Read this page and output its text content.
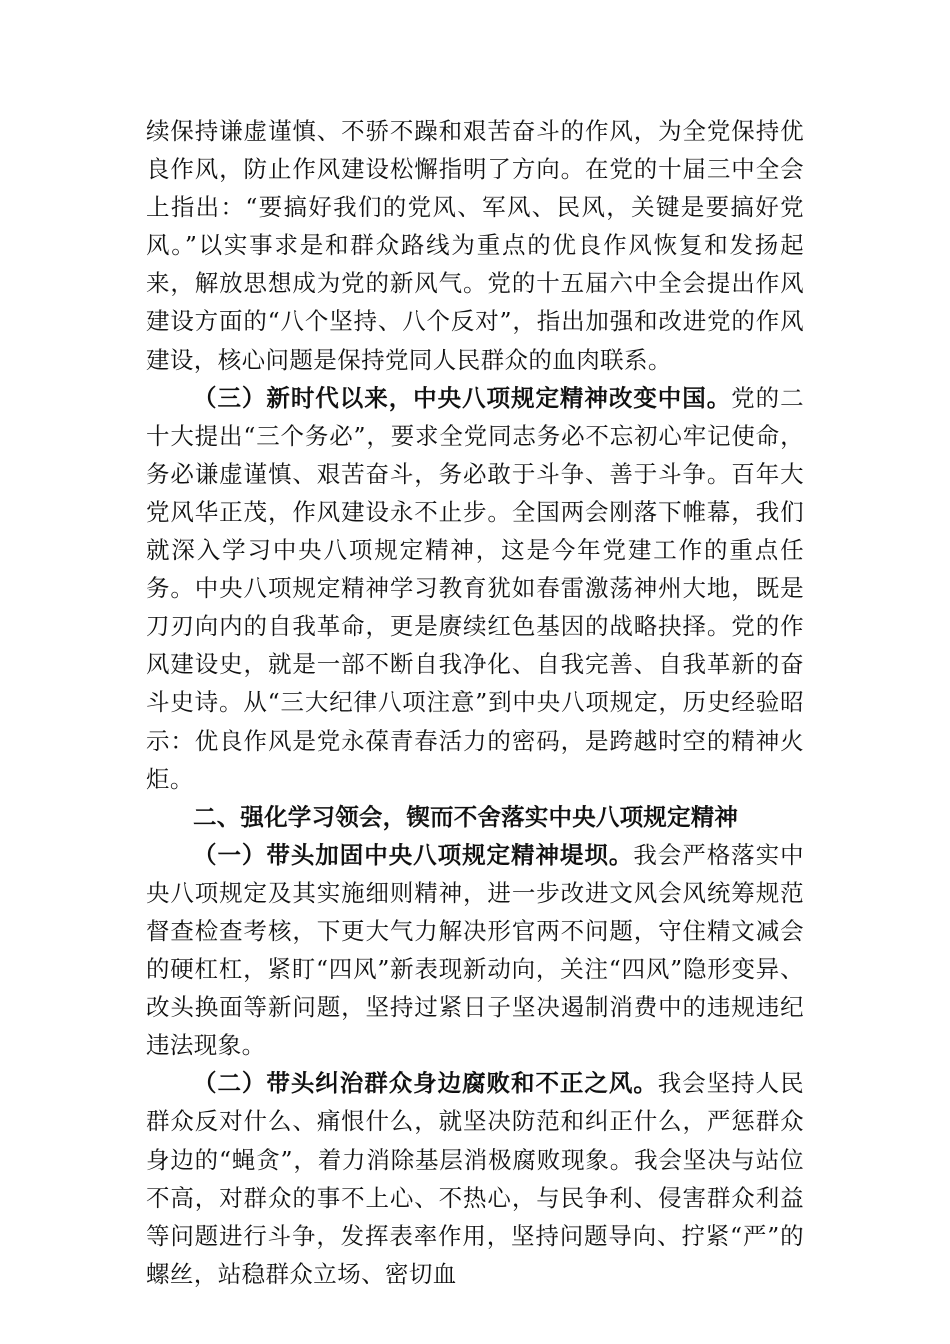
续保持谦虚谨慎、不骄不躁和艰苦奋斗的作风，为全党保持优良作风，防止作风建设松懈指明了方向。在党的十届三中全会上指出：“要搞好我们的党风、军风、民风，关键是要搞好党风。”以实事求是和群众路线为重点的优良作风恢复和发扬起来，解放思想成为党的新风气。党的十五届六中全会提出作风建设方面的“八个坚持、八个反对”，指出加强和改进党的作风建设，核心问题是保持党同人民群众的血肉联系。

（三）新时代以来，中央八项规定精神改变中国。党的二十大提出“三个务必”，要求全党同志务必不忘初心牢记使命，务必谦虚谨慎、艰苦奋斗，务必敢于斗争、善于斗争。百年大党风华正茂，作风建设永不止步。全国两会刚落下帷幕，我们就深入学习中央八项规定精神，这是今年党建工作的重点任务。中央八项规定精神学习教育犹如春雷激荡神州大地，既是刀刃向内的自我革命，更是赓续红色基因的战略抉择。党的作风建设史，就是一部不断自我净化、自我完善、自我革新的奋斗史诗。从“三大纪律八项注意”到中央八项规定，历史经验昭示：优良作风是党永葆青春活力的密码，是跨越时空的精神火炬。

二、强化学习领会，锲而不舍落实中央八项规定精神

（一）带头加固中央八项规定精神堤坝。我会严格落实中央八项规定及其实施细则精神，进一步改进文风会风统筹规范督查检查考核，下更大气力解决形官两不问题，守住精文减会的硬杠杠，紧盯“四风”新表现新动向，关注“四风”隐形变异、改头换面等新问题，坚持过紧日子坚决遏制消费中的违规违纪违法现象。

（二）带头纠治群众身边腐败和不正之风。我会坚持人民群众反对什么、痛恨什么，就坚决防范和纠正什么，严惩群众身边的“蝇贪”，着力消除基层消极腐败现象。我会坚决与站位不高，对群众的事不上心、不热心，与民争利、侵害群众利益等问题进行斗争，发挥表率作用，坚持问题导向、拧紧“严”的螺丝，站稳群众立场、密切血
